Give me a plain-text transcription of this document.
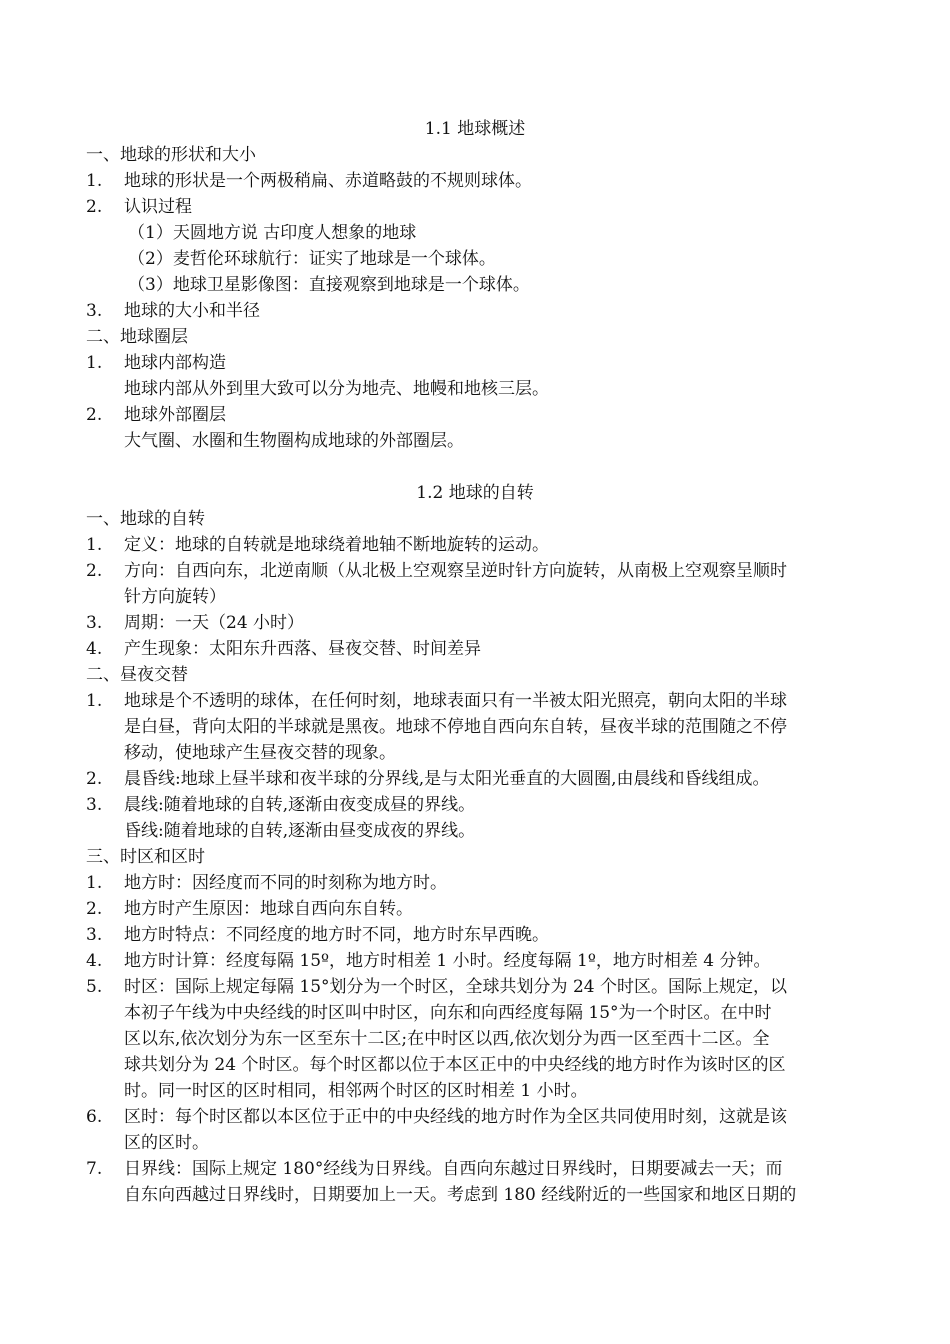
1.1 地球概述
一、地球的形状和大小
1. 地球的形状是一个两极稍扁、赤道略鼓的不规则球体。
2. 认识过程
（1）天圆地方说 古印度人想象的地球
（2）麦哲伦环球航行：证实了地球是一个球体。
（3）地球卫星影像图：直接观察到地球是一个球体。
3. 地球的大小和半径
二、地球圈层
1. 地球内部构造
地球内部从外到里大致可以分为地壳、地幔和地核三层。
2. 地球外部圈层
大气圈、水圈和生物圈构成地球的外部圈层。
1.2 地球的自转
一、地球的自转
1. 定义：地球的自转就是地球绕着地轴不断地旋转的运动。
2. 方向：自西向东，北逆南顺（从北极上空观察呈逆时针方向旋转，从南极上空观察呈顺时
针方向旋转）
3. 周期：一天（24 小时）
4. 产生现象：太阳东升西落、昼夜交替、时间差异
二、昼夜交替
1. 地球是个不透明的球体，在任何时刻，地球表面只有一半被太阳光照亮，朝向太阳的半球
是白昼，背向太阳的半球就是黑夜。地球不停地自西向东自转，昼夜半球的范围随之不停
移动，使地球产生昼夜交替的现象。
2. 晨昏线:地球上昼半球和夜半球的分界线,是与太阳光垂直的大圆圈,由晨线和昏线组成。
3. 晨线:随着地球的自转,逐渐由夜变成昼的界线。
昏线:随着地球的自转,逐渐由昼变成夜的界线。
三、时区和区时
1. 地方时：因经度而不同的时刻称为地方时。
2. 地方时产生原因：地球自西向东自转。
3. 地方时特点：不同经度的地方时不同，地方时东早西晚。
4. 地方时计算：经度每隔 15º，地方时相差 1 小时。经度每隔 1º，地方时相差 4 分钟。
5. 时区：国际上规定每隔 15°划分为一个时区，全球共划分为 24 个时区。国际上规定，以
本初子午线为中央经线的时区叫中时区，向东和向西经度每隔 15°为一个时区。在中时
区以东,依次划分为东一区至东十二区;在中时区以西,依次划分为西一区至西十二区。全
球共划分为 24 个时区。每个时区都以位于本区正中的中央经线的地方时作为该时区的区
时。同一时区的区时相同，相邻两个时区的区时相差 1 小时。
6. 区时：每个时区都以本区位于正中的中央经线的地方时作为全区共同使用时刻，这就是该
区的区时。
7. 日界线：国际上规定 180°经线为日界线。自西向东越过日界线时，日期要减去一天；而
自东向西越过日界线时，日期要加上一天。考虑到 180 经线附近的一些国家和地区日期的
